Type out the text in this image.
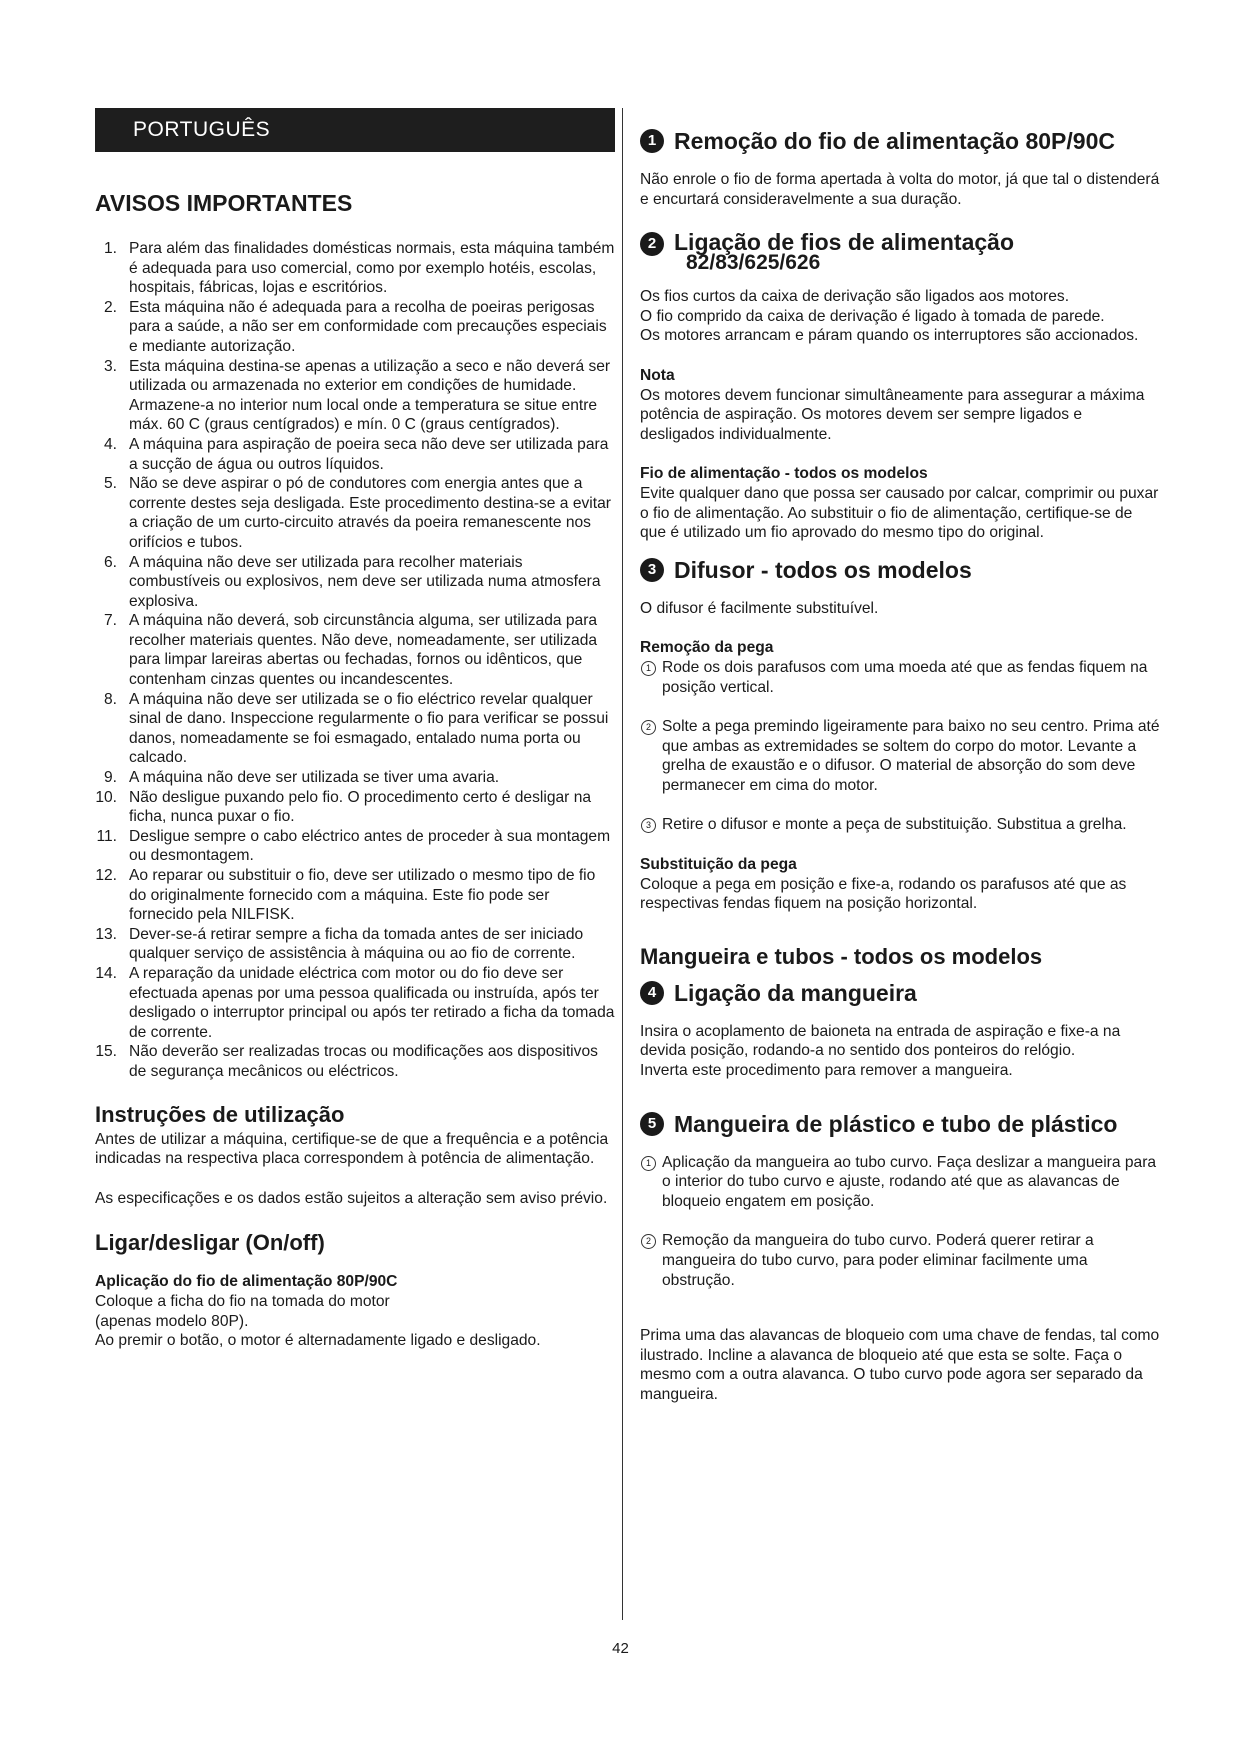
PORTUGUÊS
AVISOS IMPORTANTES
1. Para além das finalidades domésticas normais, esta máquina também é adequada para uso comercial, como por exemplo hotéis, escolas, hospitais, fábricas, lojas e escritórios.
2. Esta máquina não é adequada para a recolha de poeiras perigosas para a saúde, a não ser em conformidade com precauções especiais e mediante autorização.
3. Esta máquina destina-se apenas a utilização a seco e não deverá ser utilizada ou armazenada no exterior em condições de humidade. Armazene-a no interior num local onde a temperatura se situe entre máx. 60 C (graus centígrados) e mín. 0 C (graus centígrados).
4. A máquina para aspiração de poeira seca não deve ser utilizada para a sucção de água ou outros líquidos.
5. Não se deve aspirar o pó de condutores com energia antes que a corrente destes seja desligada. Este procedimento destina-se a evitar a criação de um curto-circuito através da poeira remanescente nos orifícios e tubos.
6. A máquina não deve ser utilizada para recolher materiais combustíveis ou explosivos, nem deve ser utilizada numa atmosfera explosiva.
7. A máquina não deverá, sob circunstância alguma, ser utilizada para recolher materiais quentes. Não deve, nomeadamente, ser utilizada para limpar lareiras abertas ou fechadas, fornos ou idênticos, que contenham cinzas quentes ou incandescentes.
8. A máquina não deve ser utilizada se o fio eléctrico revelar qualquer sinal de dano. Inspeccione regularmente o fio para verificar se possui danos, nomeadamente se foi esmagado, entalado numa porta ou calcado.
9. A máquina não deve ser utilizada se tiver uma avaria.
10. Não desligue puxando pelo fio. O procedimento certo é desligar na ficha, nunca puxar o fio.
11. Desligue sempre o cabo eléctrico antes de proceder à sua montagem ou desmontagem.
12. Ao reparar ou substituir o fio, deve ser utilizado o mesmo tipo de fio do originalmente fornecido com a máquina. Este fio pode ser fornecido pela NILFISK.
13. Dever-se-á retirar sempre a ficha da tomada antes de ser iniciado qualquer serviço de assistência à máquina ou ao fio de corrente.
14. A reparação da unidade eléctrica com motor ou do fio deve ser efectuada apenas por uma pessoa qualificada ou instruída, após ter desligado o interruptor principal ou após ter retirado a ficha da tomada de corrente.
15. Não deverão ser realizadas trocas ou modificações aos dispositivos de segurança mecânicos ou eléctricos.
Instruções de utilização

Antes de utilizar a máquina, certifique-se de que a frequência e a potência indicadas na respectiva placa correspondem à potência de alimentação.

As especificações e os dados estão sujeitos a alteração sem aviso prévio.

Ligar/desligar (On/off)
Aplicação do fio de alimentação 80P/90C

Coloque a ficha do fio na tomada do motor

(apenas modelo 80P).

Ao premir o botão, o motor é alternadamente ligado e desligado.

1 Remoção do fio de alimentação 80P/90C

Não enrole o fio de forma apertada à volta do motor, já que tal o distenderá e encurtará consideravelmente a sua duração.

2 Ligação de fios de alimentação
82/83/625/626

Os fios curtos da caixa de derivação são ligados aos motores.

O fio comprido da caixa de derivação é ligado à tomada de parede.

Os motores arrancam e páram quando os interruptores são accionados.

Nota

Os motores devem funcionar simultâneamente para assegurar a máxima potência de aspiração. Os motores devem ser sempre ligados e desligados individualmente.

Fio de alimentação - todos os modelos

Evite qualquer dano que possa ser causado por calcar, comprimir ou puxar o fio de alimentação. Ao substituir o fio de alimentação, certifique-se de que é utilizado um fio aprovado do mesmo tipo do original.

3 Difusor - todos os modelos

O difusor é facilmente substituível.

Remoção da pega
1 Rode os dois parafusos com uma moeda até que as fendas fiquem na posição vertical.
2 Solte a pega premindo ligeiramente para baixo no seu centro. Prima até que ambas as extremidades se soltem do corpo do motor. Levante a grelha de exaustão e o difusor. O material de absorção do som deve permanecer em cima do motor.
3 Retire o difusor e monte a peça de substituição. Substitua a grelha.
Substituição da pega

Coloque a pega em posição e fixe-a, rodando os parafusos até que as respectivas fendas fiquem na posição horizontal.

Mangueira e tubos - todos os modelos
4 Ligação da mangueira

Insira o acoplamento de baioneta na entrada de aspiração e fixe-a na devida posição, rodando-a no sentido dos ponteiros do relógio.

Inverta este procedimento para remover a mangueira.

5 Mangueira de plástico e tubo de plástico
1 Aplicação da mangueira ao tubo curvo. Faça deslizar a mangueira para o interior do tubo curvo e ajuste, rodando até que as alavancas de bloqueio engatem em posição.
2 Remoção da mangueira do tubo curvo. Poderá querer retirar a mangueira do tubo curvo, para poder eliminar facilmente uma obstrução.

Prima uma das alavancas de bloqueio com uma chave de fendas, tal como ilustrado. Incline a alavanca de bloqueio até que esta se solte. Faça o mesmo com a outra alavanca. O tubo curvo pode agora ser separado da mangueira.

42
